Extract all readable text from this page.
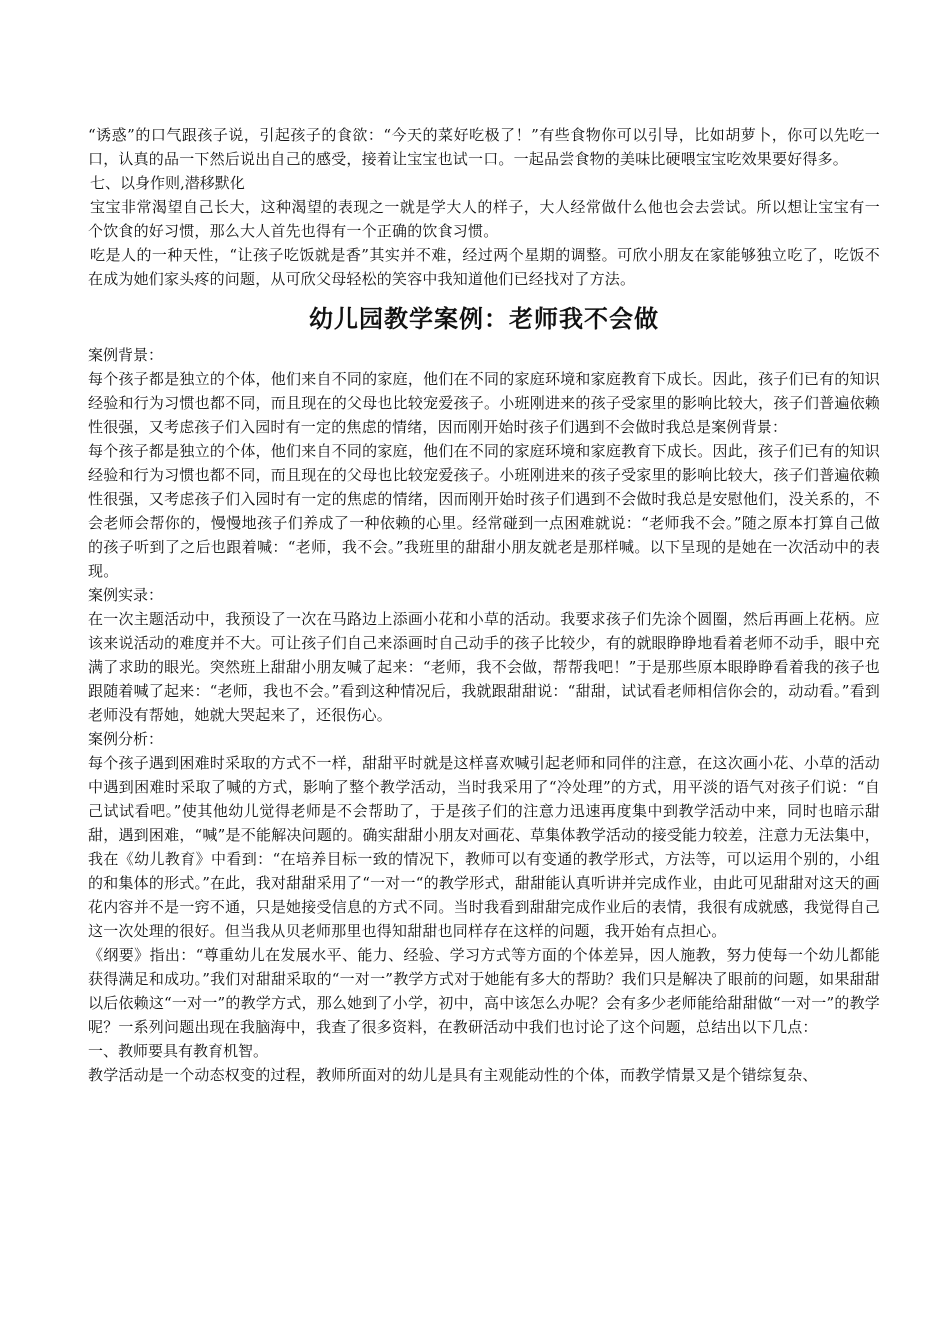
“诱惑”的口气跟孩子说，引起孩子的食欲：“今天的菜好吃极了！”有些食物你可以引导，比如胡萝卜，你可以先吃一口，认真的品一下然后说出自己的感受，接着让宝宝也试一口。一起品尝食物的美味比硬喂宝宝吃效果要好得多。

七、以身作则,潜移默化

宝宝非常渴望自己长大，这种渴望的表现之一就是学大人的样子，大人经常做什么他也会去尝试。所以想让宝宝有一个饮食的好习惯，那么大人首先也得有一个正确的饮食习惯。

吃是人的一种天性，“让孩子吃饭就是香”其实并不难，经过两个星期的调整。可欣小朋友在家能够独立吃了，吃饭不在成为她们家头疼的问题，从可欣父母轻松的笑容中我知道他们已经找对了方法。

幼儿园教学案例：老师我不会做

案例背景：

每个孩子都是独立的个体，他们来自不同的家庭，他们在不同的家庭环境和家庭教育下成长。因此，孩子们已有的知识经验和行为习惯也都不同，而且现在的父母也比较宠爱孩子。小班刚进来的孩子受家里的影响比较大，孩子们普遍依赖性很强，又考虑孩子们入园时有一定的焦虑的情绪，因而刚开始时孩子们遇到不会做时我总是案例背景：

每个孩子都是独立的个体，他们来自不同的家庭，他们在不同的家庭环境和家庭教育下成长。因此，孩子们已有的知识经验和行为习惯也都不同，而且现在的父母也比较宠爱孩子。小班刚进来的孩子受家里的影响比较大，孩子们普遍依赖性很强，又考虑孩子们入园时有一定的焦虑的情绪，因而刚开始时孩子们遇到不会做时我总是安慰他们，没关系的，不会老师会帮你的，慢慢地孩子们养成了一种依赖的心里。经常碰到一点困难就说：“老师我不会。”随之原本打算自己做的孩子听到了之后也跟着喊：“老师，我不会。”我班里的甜甜小朋友就老是那样喊。以下呈现的是她在一次活动中的表现。

案例实录：

在一次主题活动中，我预设了一次在马路边上添画小花和小草的活动。我要求孩子们先涂个圆圈，然后再画上花柄。应该来说活动的难度并不大。可让孩子们自己来添画时自己动手的孩子比较少，有的就眼睁睁地看着老师不动手，眼中充满了求助的眼光。突然班上甜甜小朋友喊了起来：“老师，我不会做，帮帮我吧！”于是那些原本眼睁睁看着我的孩子也跟随着喊了起来：“老师，我也不会。”看到这种情况后，我就跟甜甜说：“甜甜，试试看老师相信你会的，动动看。”看到老师没有帮她，她就大哭起来了，还很伤心。

案例分析：

每个孩子遇到困难时采取的方式不一样，甜甜平时就是这样喜欢喊引起老师和同伴的注意，在这次画小花、小草的活动中遇到困难时采取了喊的方式，影响了整个教学活动，当时我采用了“冷处理”的方式，用平淡的语气对孩子们说：“自己试试看吧。”使其他幼儿觉得老师是不会帮助了，于是孩子们的注意力迅速再度集中到教学活动中来，同时也暗示甜甜，遇到困难，“喊”是不能解决问题的。确实甜甜小朋友对画花、草集体教学活动的接受能力较差，注意力无法集中，我在《幼儿教育》中看到：“在培养目标一致的情况下，教师可以有变通的教学形式，方法等，可以运用个别的，小组的和集体的形式。”在此，我对甜甜采用了“一对一“的教学形式，甜甜能认真听讲并完成作业，由此可见甜甜对这天的画花内容并不是一窍不通，只是她接受信息的方式不同。当时我看到甜甜完成作业后的表情，我很有成就感，我觉得自己这一次处理的很好。但当我从贝老师那里也得知甜甜也同样存在这样的问题，我开始有点担心。

《纲要》指出：“尊重幼儿在发展水平、能力、经验、学习方式等方面的个体差异，因人施教，努力使每一个幼儿都能获得满足和成功。”我们对甜甜采取的“一对一”教学方式对于她能有多大的帮助？我们只是解决了眼前的问题，如果甜甜以后依赖这“一对一”的教学方式，那么她到了小学，初中，高中该怎么办呢？会有多少老师能给甜甜做“一对一”的教学呢？一系列问题出现在我脑海中，我查了很多资料，在教研活动中我们也讨论了这个问题，总结出以下几点：

一、教师要具有教育机智。

教学活动是一个动态权变的过程，教师所面对的幼儿是具有主观能动性的个体，而教学情景又是个错综复杂、
